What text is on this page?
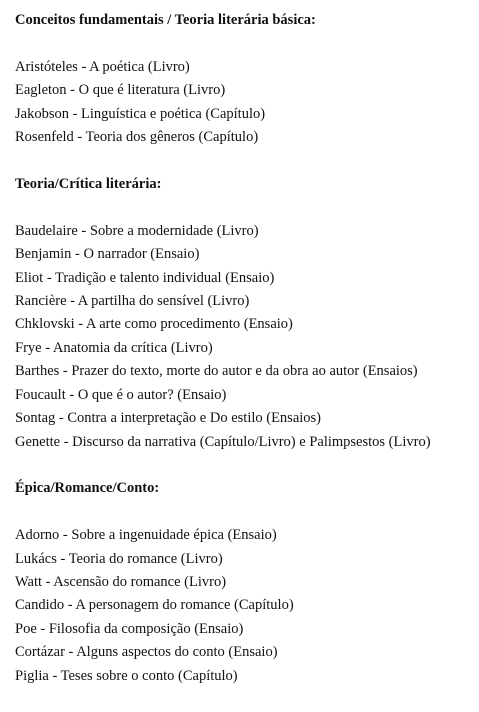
Conceitos fundamentais / Teoria literária básica:

Aristóteles - A poética (Livro)

Eagleton - O que é literatura (Livro)

Jakobson - Linguística e poética (Capítulo)

Rosenfeld - Teoria dos gêneros (Capítulo)

Teoria/Crítica literária:

Baudelaire - Sobre a modernidade (Livro)

Benjamin - O narrador (Ensaio)

Eliot - Tradição e talento individual (Ensaio)

Rancière - A partilha do sensível (Livro)

Chklovski - A arte como procedimento (Ensaio)

Frye - Anatomia da crítica (Livro)

Barthes - Prazer do texto, morte do autor e da obra ao autor (Ensaios)

Foucault - O que é o autor? (Ensaio)

Sontag - Contra a interpretação e Do estilo (Ensaios)

Genette - Discurso da narrativa (Capítulo/Livro) e Palimpsestos (Livro)

Épica/Romance/Conto:

Adorno - Sobre a ingenuidade épica (Ensaio)

Lukács - Teoria do romance (Livro)

Watt - Ascensão do romance (Livro)

Candido - A personagem do romance (Capítulo)

Poe - Filosofia da composição (Ensaio)

Cortázar - Alguns aspectos do conto (Ensaio)

Piglia - Teses sobre o conto (Capítulo)
